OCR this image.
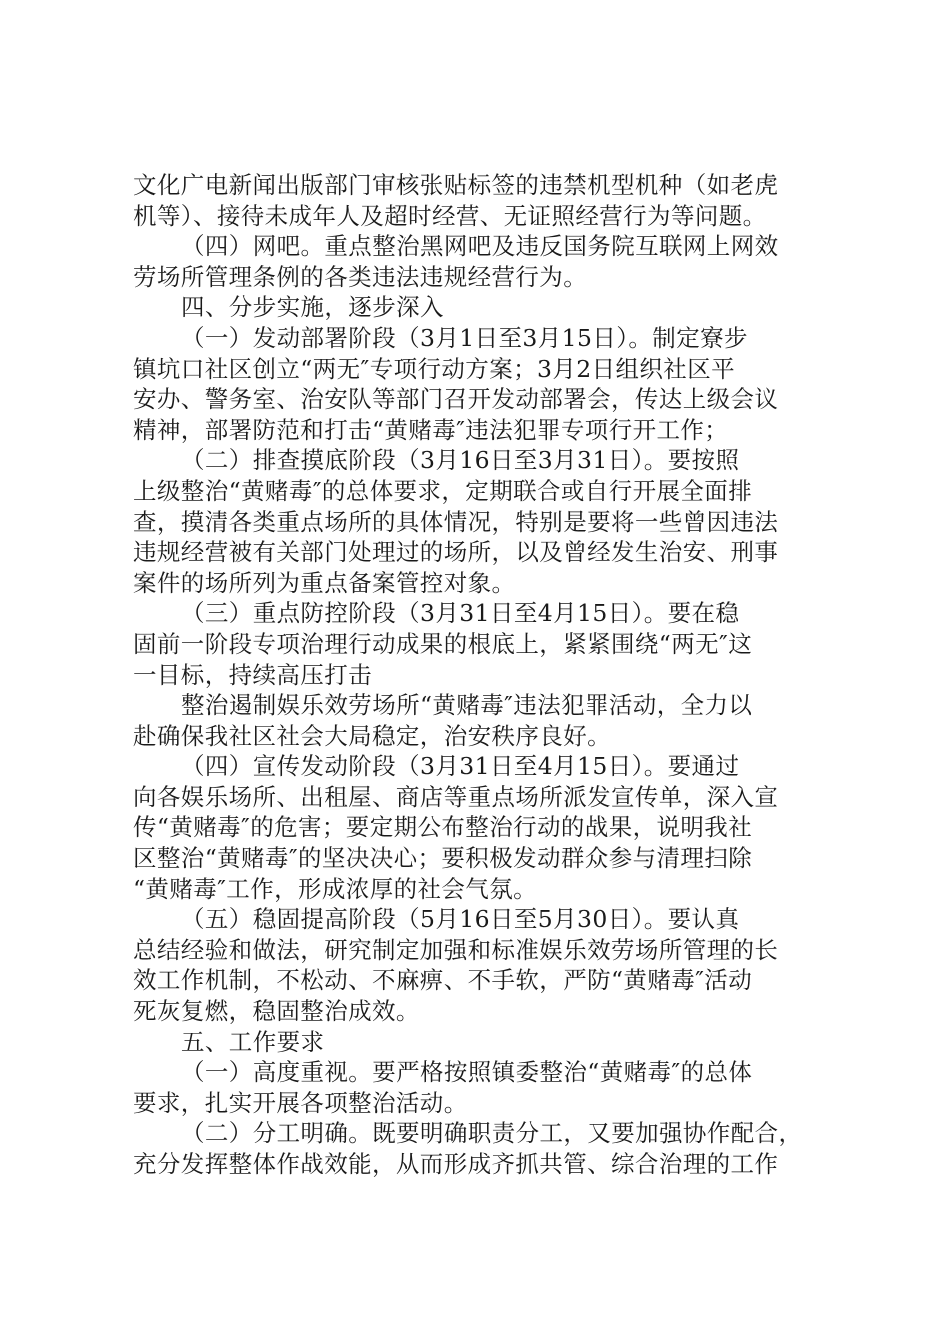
文化广电新闻出版部门审核张贴标签的违禁机型机种（如老虎
机等）、接待未成年人及超时经营、无证照经营行为等问题。
（四）网吧。重点整治黑网吧及违反国务院互联网上网效
劳场所管理条例的各类违法违规经营行为。
四、分步实施，逐步深入
（一）发动部署阶段（3月1日至3月15日）。制定寮步
镇坑口社区创立“两无″专项行动方案；3月2日组织社区平
安办、警务室、治安队等部门召开发动部署会，传达上级会议
精神，部署防范和打击“黄赌毒″违法犯罪专项行开工作；
（二）排查摸底阶段（3月16日至3月31日）。要按照
上级整治“黄赌毒″的总体要求，定期联合或自行开展全面排
查，摸清各类重点场所的具体情况，特别是要将一些曾因违法
违规经营被有关部门处理过的场所，以及曾经发生治安、刑事
案件的场所列为重点备案管控对象。
（三）重点防控阶段（3月31日至4月15日）。要在稳
固前一阶段专项治理行动成果的根底上，紧紧围绕“两无″这
一目标，持续高压打击
整治遏制娱乐效劳场所“黄赌毒″违法犯罪活动，全力以
赴确保我社区社会大局稳定，治安秩序良好。
（四）宣传发动阶段（3月31日至4月15日）。要通过
向各娱乐场所、出租屋、商店等重点场所派发宣传单，深入宣
传“黄赌毒″的危害；要定期公布整治行动的战果，说明我社
区整治“黄赌毒″的坚决决心；要积极发动群众参与清理扫除
“黄赌毒″工作，形成浓厚的社会气氛。
（五）稳固提高阶段（5月16日至5月30日）。要认真
总结经验和做法，研究制定加强和标准娱乐效劳场所管理的长
效工作机制，不松动、不麻痹、不手软，严防“黄赌毒″活动
死灰复燃，稳固整治成效。
五、工作要求
（一）高度重视。要严格按照镇委整治“黄赌毒″的总体
要求，扎实开展各项整治活动。
（二）分工明确。既要明确职责分工，又要加强协作配合，
充分发挥整体作战效能，从而形成齐抓共管、综合治理的工作
